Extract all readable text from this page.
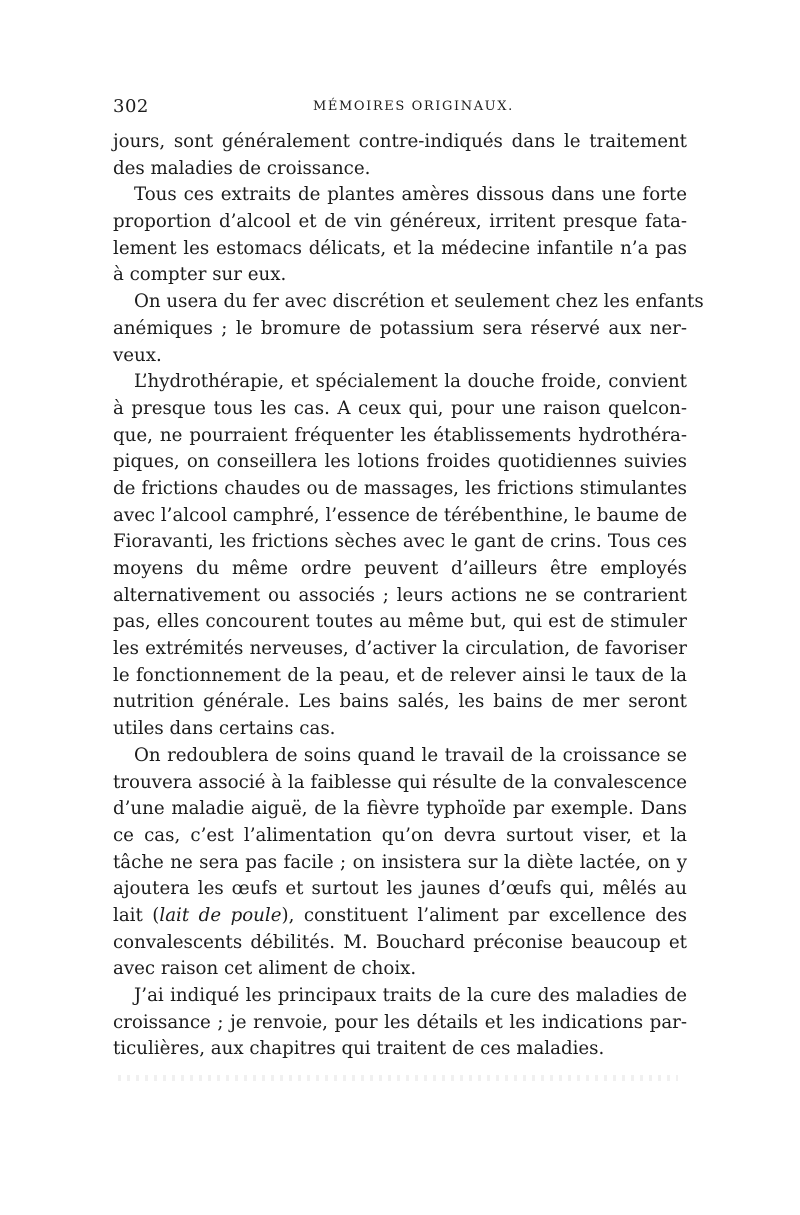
302	MÉMOIRES ORIGINAUX.
jours, sont généralement contre-indiqués dans le traitement
des maladies de croissance.
Tous ces extraits de plantes amères dissous dans une forte
proportion d’alcool et de vin généreux, irritent presque fata-
lement les estomacs délicats, et la médecine infantile n’a pas
à compter sur eux.
On usera du fer avec discrétion et seulement chez les enfants
anémiques ; le bromure de potassium sera réservé aux ner-
veux.
L’hydrothérapie, et spécialement la douche froide, convient
à presque tous les cas. A ceux qui, pour une raison quelcon-
que, ne pourraient fréquenter les établissements hydrothéra-
piques, on conseillera les lotions froides quotidiennes suivies
de frictions chaudes ou de massages, les frictions stimulantes
avec l’alcool camphré, l’essence de térébenthine, le baume de
Fioravanti, les frictions sèches avec le gant de crins. Tous ces
moyens du même ordre peuvent d’ailleurs être employés
alternativement ou associés ; leurs actions ne se contrarient
pas, elles concourent toutes au même but, qui est de stimuler
les extrémités nerveuses, d’activer la circulation, de favoriser
le fonctionnement de la peau, et de relever ainsi le taux de la
nutrition générale. Les bains salés, les bains de mer seront
utiles dans certains cas.
On redoublera de soins quand le travail de la croissance se
trouvera associé à la faiblesse qui résulte de la convalescence
d’une maladie aiguë, de la fièvre typhoïde par exemple. Dans
ce cas, c’est l’alimentation qu’on devra surtout viser, et la
tâche ne sera pas facile ; on insistera sur la diète lactée, on y
ajoutera les œufs et surtout les jaunes d’œufs qui, mêlés au
lait (lait de poule), constituent l’aliment par excellence des
convalescents débilités. M. Bouchard préconise beaucoup et
avec raison cet aliment de choix.
J’ai indiqué les principaux traits de la cure des maladies de
croissance ; je renvoie, pour les détails et les indications par-
ticulières, aux chapitres qui traitent de ces maladies.
